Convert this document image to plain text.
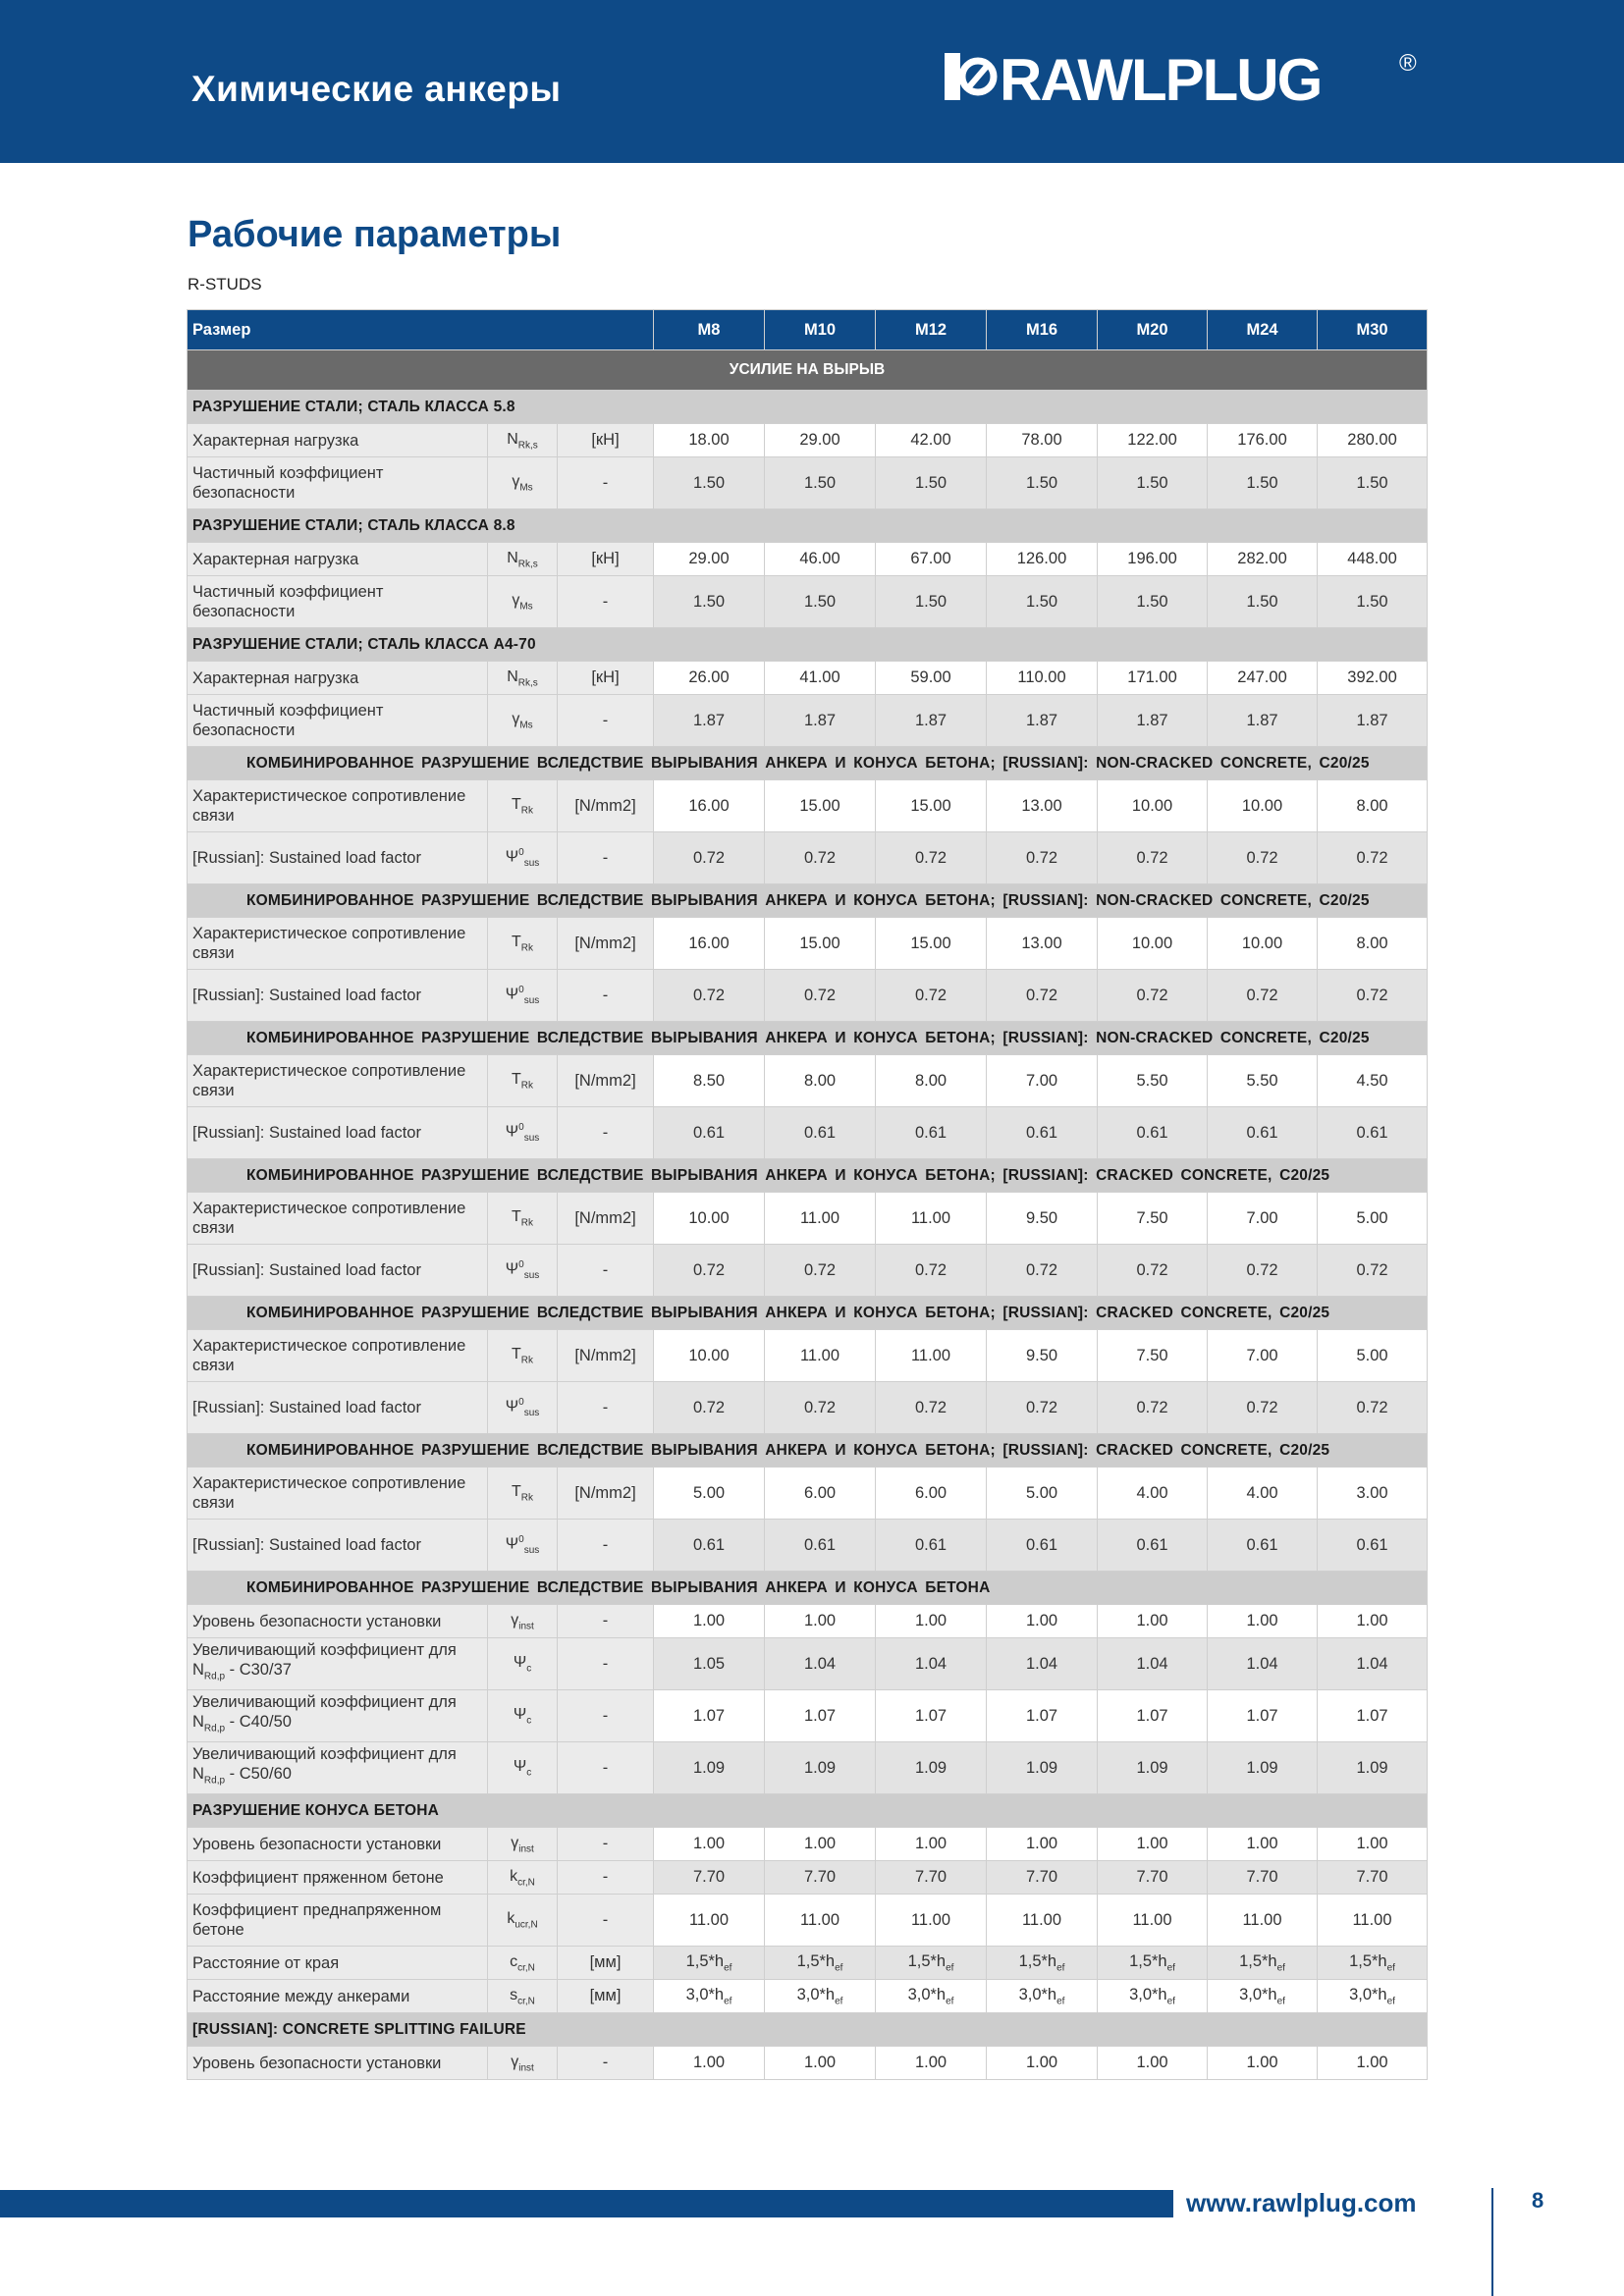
Химические анкеры	RAWLPLUG	®
Рабочие параметры
R-STUDS
Размер			M8	M10	M12	M16	M20	M24	M30
УСИЛИЕ НА ВЫРЫВ									
РАЗРУШЕНИЕ СТАЛИ; СТАЛЬ КЛАССА 5.8									
Характерная нагрузка	$N_{Rk,s}$	[кН]	18.00	29.00	42.00	78.00	122.00	176.00	280.00
Частичный коэффициент безопасности	$\gamma_{Ms}$	-	1.50	1.50	1.50	1.50	1.50	1.50	1.50
РАЗРУШЕНИЕ СТАЛИ; СТАЛЬ КЛАССА 8.8									
Характерная нагрузка	$N_{Rk,s}$	[кН]	29.00	46.00	67.00	126.00	196.00	282.00	448.00
Частичный коэффициент безопасности	$\gamma_{Ms}$	-	1.50	1.50	1.50	1.50	1.50	1.50	1.50
РАЗРУШЕНИЕ СТАЛИ; СТАЛЬ КЛАССА А4-70									
Характерная нагрузка	$N_{Rk,s}$	[кН]	26.00	41.00	59.00	110.00	171.00	247.00	392.00
Частичный коэффициент безопасности	$\gamma_{Ms}$	-	1.87	1.87	1.87	1.87	1.87	1.87	1.87
КОМБИНИРОВАННОЕ РАЗРУШЕНИЕ ВСЛЕДСТВИЕ ВЫРЫВАНИЯ АНКЕРА И КОНУСА БЕТОНА; [RUSSIAN]: NON-CRACKED CONCRETE, C20/25									
Характеристическое сопротивление связи	$T_{Rk}$	[N/mm2]	16.00	15.00	15.00	13.00	10.00	10.00	8.00
[Russian]: Sustained load factor	$\Psi^0_{sus}$	-	0.72	0.72	0.72	0.72	0.72	0.72	0.72
КОМБИНИРОВАННОЕ РАЗРУШЕНИЕ ВСЛЕДСТВИЕ ВЫРЫВАНИЯ АНКЕРА И КОНУСА БЕТОНА; [RUSSIAN]: NON-CRACKED CONCRETE, C20/25									
Характеристическое сопротивление связи	$T_{Rk}$	[N/mm2]	16.00	15.00	15.00	13.00	10.00	10.00	8.00
[Russian]: Sustained load factor	$\Psi^0_{sus}$	-	0.72	0.72	0.72	0.72	0.72	0.72	0.72
КОМБИНИРОВАННОЕ РАЗРУШЕНИЕ ВСЛЕДСТВИЕ ВЫРЫВАНИЯ АНКЕРА И КОНУСА БЕТОНА; [RUSSIAN]: NON-CRACKED CONCRETE, C20/25									
Характеристическое сопротивление связи	$T_{Rk}$	[N/mm2]	8.50	8.00	8.00	7.00	5.50	5.50	4.50
[Russian]: Sustained load factor	$\Psi^0_{sus}$	-	0.61	0.61	0.61	0.61	0.61	0.61	0.61
КОМБИНИРОВАННОЕ РАЗРУШЕНИЕ ВСЛЕДСТВИЕ ВЫРЫВАНИЯ АНКЕРА И КОНУСА БЕТОНА; [RUSSIAN]: CRACKED CONCRETE, C20/25									
Характеристическое сопротивление связи	$T_{Rk}$	[N/mm2]	10.00	11.00	11.00	9.50	7.50	7.00	5.00
[Russian]: Sustained load factor	$\Psi^0_{sus}$	-	0.72	0.72	0.72	0.72	0.72	0.72	0.72
КОМБИНИРОВАННОЕ РАЗРУШЕНИЕ ВСЛЕДСТВИЕ ВЫРЫВАНИЯ АНКЕРА И КОНУСА БЕТОНА; [RUSSIAN]: CRACKED CONCRETE, C20/25									
Характеристическое сопротивление связи	$T_{Rk}$	[N/mm2]	10.00	11.00	11.00	9.50	7.50	7.00	5.00
[Russian]: Sustained load factor	$\Psi^0_{sus}$	-	0.72	0.72	0.72	0.72	0.72	0.72	0.72
КОМБИНИРОВАННОЕ РАЗРУШЕНИЕ ВСЛЕДСТВИЕ ВЫРЫВАНИЯ АНКЕРА И КОНУСА БЕТОНА; [RUSSIAN]: CRACKED CONCRETE, C20/25									
Характеристическое сопротивление связи	$T_{Rk}$	[N/mm2]	5.00	6.00	6.00	5.00	4.00	4.00	3.00
[Russian]: Sustained load factor	$\Psi^0_{sus}$	-	0.61	0.61	0.61	0.61	0.61	0.61	0.61
КОМБИНИРОВАННОЕ РАЗРУШЕНИЕ ВСЛЕДСТВИЕ ВЫРЫВАНИЯ АНКЕРА И КОНУСА БЕТОНА									
Уровень безопасности установки	$\gamma_{inst}$	-	1.00	1.00	1.00	1.00	1.00	1.00	1.00
Увеличивающий коэффициент для $N_{Rd,p} - C30/37$	$\Psi_c$	-	1.05	1.04	1.04	1.04	1.04	1.04	1.04
Увеличивающий коэффициент для $N_{Rd,p} - C40/50$	$\Psi_c$	-	1.07	1.07	1.07	1.07	1.07	1.07	1.07
Увеличивающий коэффициент для $N_{Rd,p} - C50/60$	$\Psi_c$	-	1.09	1.09	1.09	1.09	1.09	1.09	1.09
РАЗРУШЕНИЕ КОНУСА БЕТОНА									
Уровень безопасности установки	$\gamma_{inst}$	-	1.00	1.00	1.00	1.00	1.00	1.00	1.00
Коэффициент пряженном бетоне	$k_{cr,N}$	-	7.70	7.70	7.70	7.70	7.70	7.70	7.70
Коэффициент преднапряженном бетоне	$k_{ucr,N}$	-	11.00	11.00	11.00	11.00	11.00	11.00	11.00
Расстояние от края	$c_{cr,N}$	[мм]	$1,5*h_{ef}$	$1,5*h_{ef}$	$1,5*h_{ef}$	$1,5*h_{ef}$	$1,5*h_{ef}$	$1,5*h_{ef}$	$1,5*h_{ef}$
Расстояние между анкерами	$s_{cr,N}$	[мм]	$3,0*h_{ef}$	$3,0*h_{ef}$	$3,0*h_{ef}$	$3,0*h_{ef}$	$3,0*h_{ef}$	$3,0*h_{ef}$	$3,0*h_{ef}$
[RUSSIAN]: CONCRETE SPLITTING FAILURE									
Уровень безопасности установки	$\gamma_{inst}$	-	1.00	1.00	1.00	1.00	1.00	1.00	1.00
www.rawlplug.com	8
